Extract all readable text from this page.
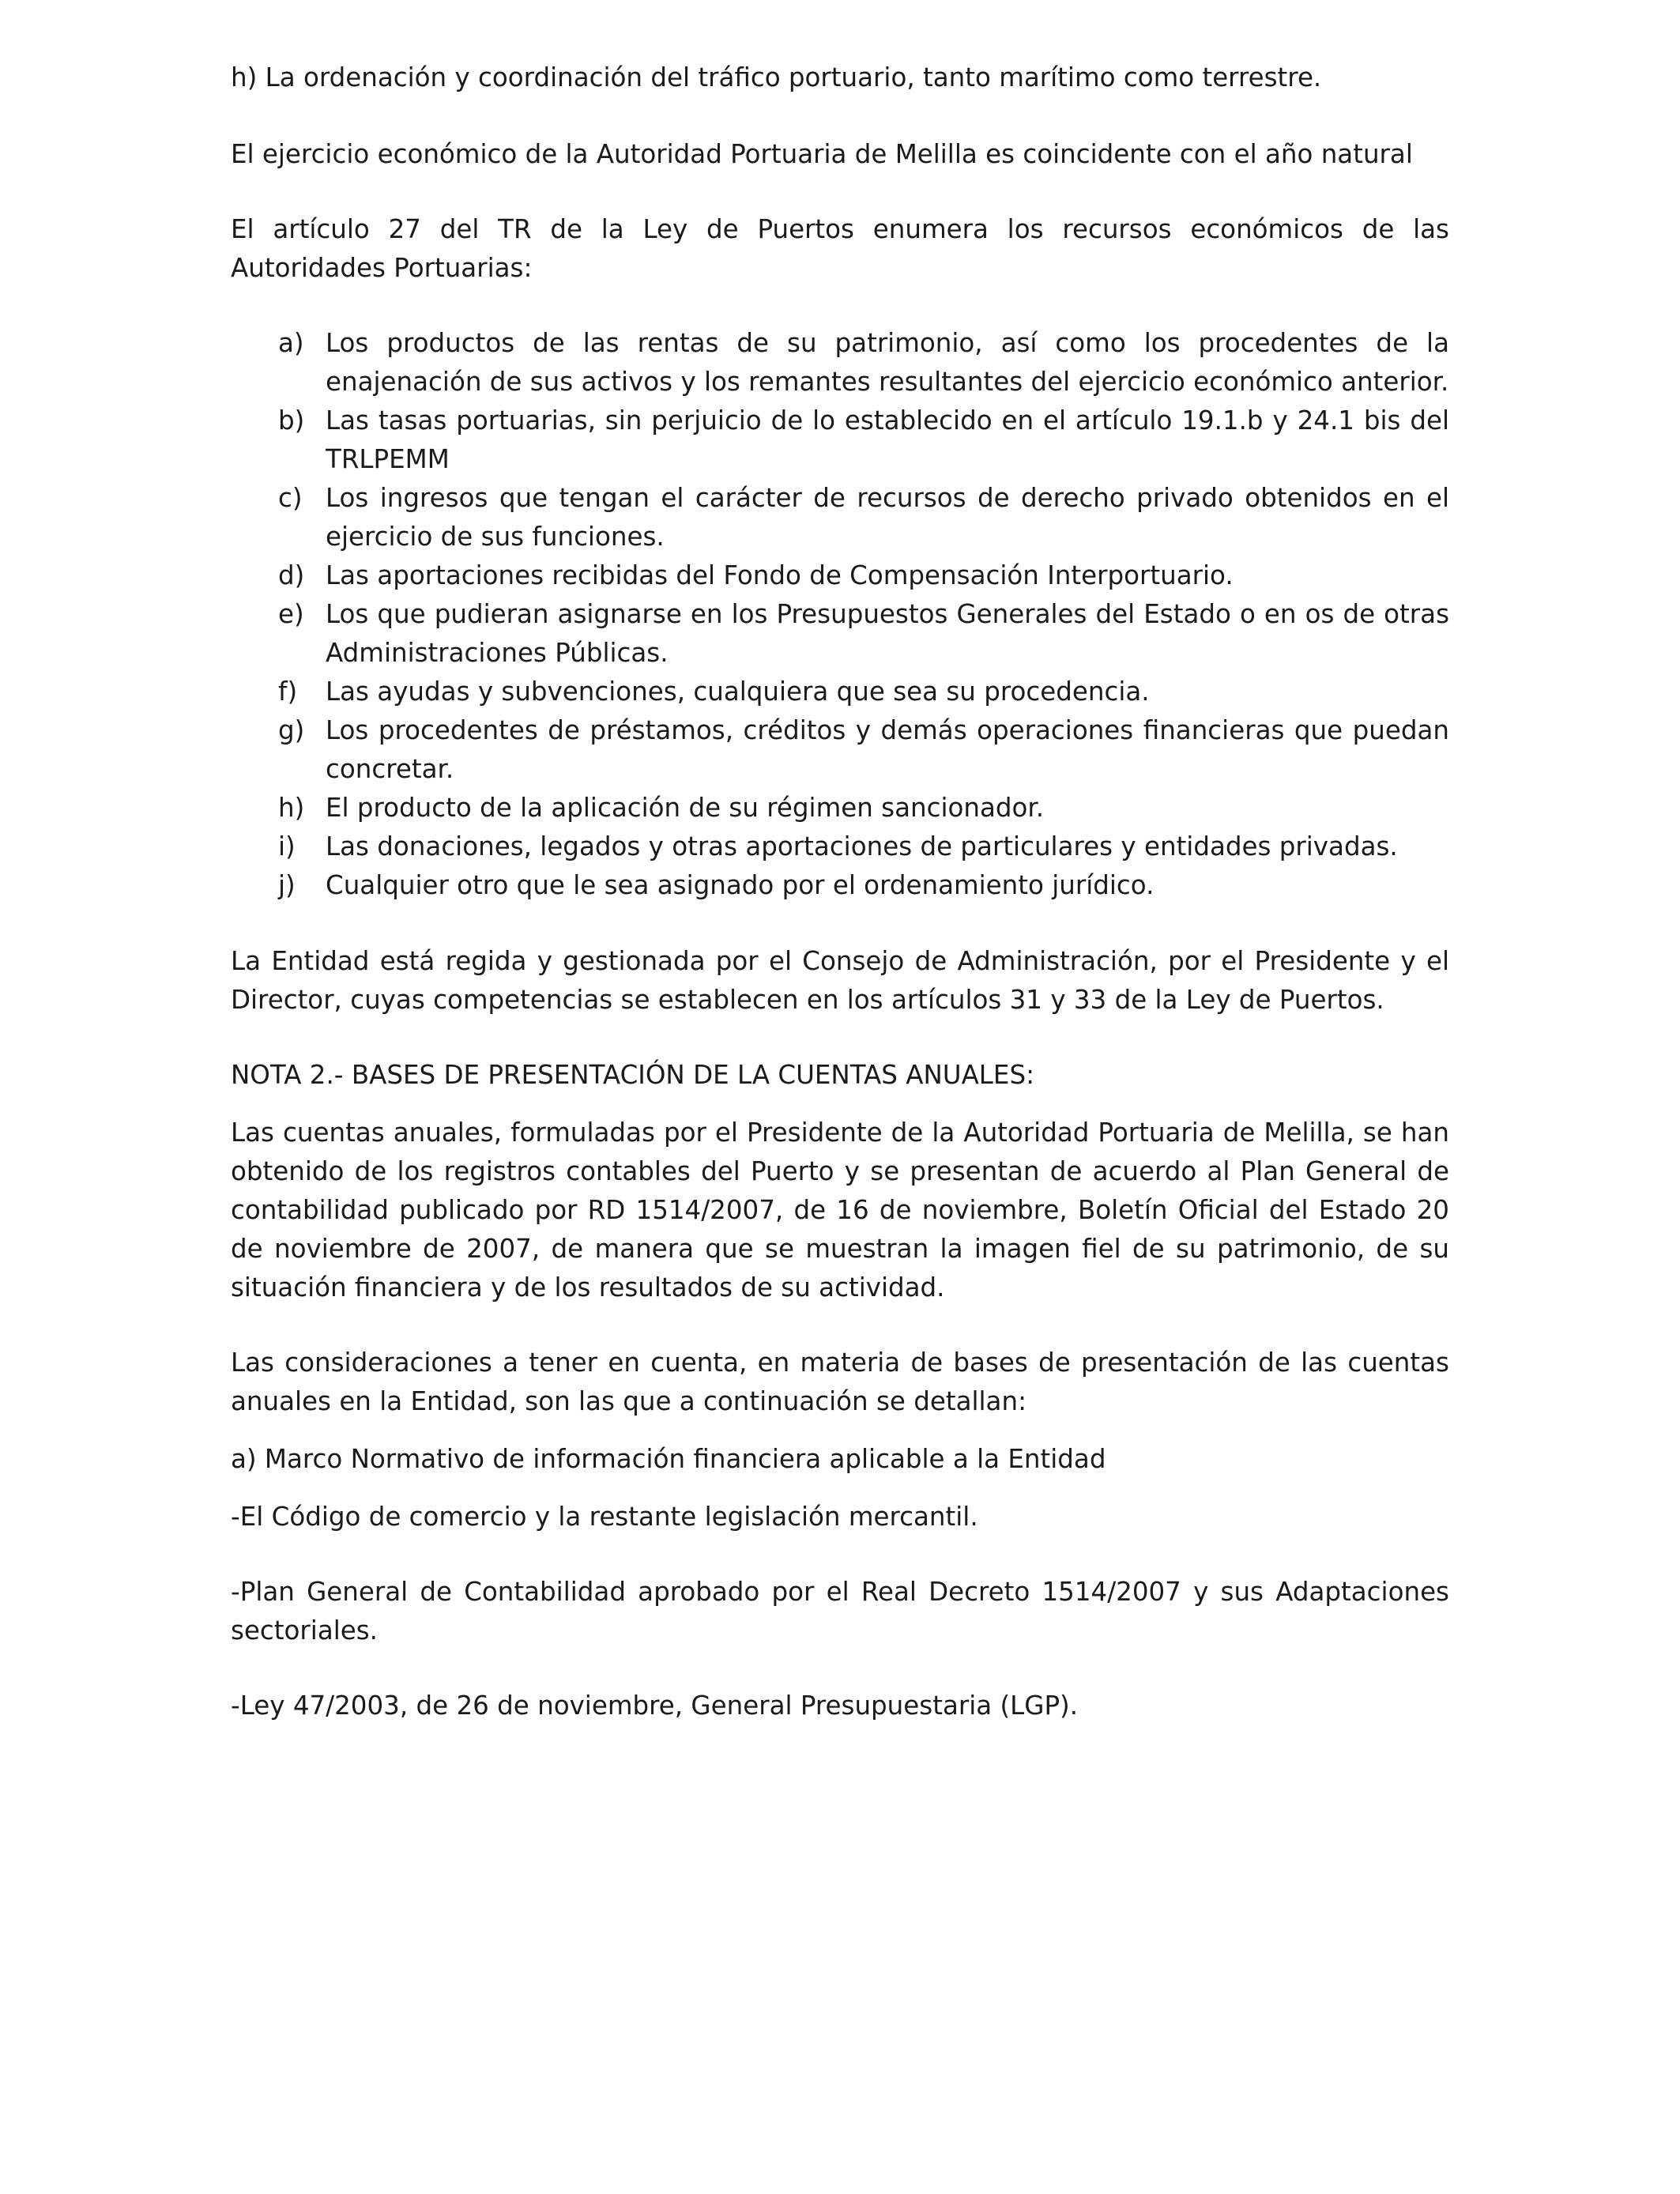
h) La ordenación y coordinación del tráfico portuario, tanto marítimo como terrestre.

El ejercicio económico de la Autoridad Portuaria de Melilla es coincidente con el año natural

El artículo 27 del TR de la Ley de Puertos enumera los recursos económicos de las Autoridades Portuarias:

a) Los productos de las rentas de su patrimonio, así como los procedentes de la enajenación de sus activos y los remantes resultantes del ejercicio económico anterior.
b) Las tasas portuarias, sin perjuicio de lo establecido en el artículo 19.1.b y 24.1 bis del TRLPEMM
c) Los ingresos que tengan el carácter de recursos de derecho privado obtenidos en el ejercicio de sus funciones.
d) Las aportaciones recibidas del Fondo de Compensación Interportuario.
e) Los que pudieran asignarse en los Presupuestos Generales del Estado o en os de otras Administraciones Públicas.
f) Las ayudas y subvenciones, cualquiera que sea su procedencia.
g) Los procedentes de préstamos, créditos y demás operaciones financieras que puedan concretar.
h) El producto de la aplicación de su régimen sancionador.
i) Las donaciones, legados y otras aportaciones de particulares y entidades privadas.
j) Cualquier otro que le sea asignado por el ordenamiento jurídico.

La Entidad está regida y gestionada por el Consejo de Administración, por el Presidente y el Director, cuyas competencias se establecen en los artículos 31 y 33 de la Ley de Puertos.

NOTA 2.- BASES DE PRESENTACIÓN DE LA CUENTAS ANUALES:

Las cuentas anuales, formuladas por el Presidente de la Autoridad Portuaria de Melilla, se han obtenido de los registros contables del Puerto y se presentan de acuerdo al Plan General de contabilidad publicado por RD 1514/2007, de 16 de noviembre, Boletín Oficial del Estado 20 de noviembre de 2007, de manera que se muestran la imagen fiel de su patrimonio, de su situación financiera y de los resultados de su actividad.

Las consideraciones a tener en cuenta, en materia de bases de presentación de las cuentas anuales en la Entidad, son las que a continuación se detallan:

a) Marco Normativo de información financiera aplicable a la Entidad

-El Código de comercio y la restante legislación mercantil.

-Plan General de Contabilidad aprobado por el Real Decreto 1514/2007 y sus Adaptaciones sectoriales.

-Ley 47/2003, de 26 de noviembre, General Presupuestaria (LGP).
